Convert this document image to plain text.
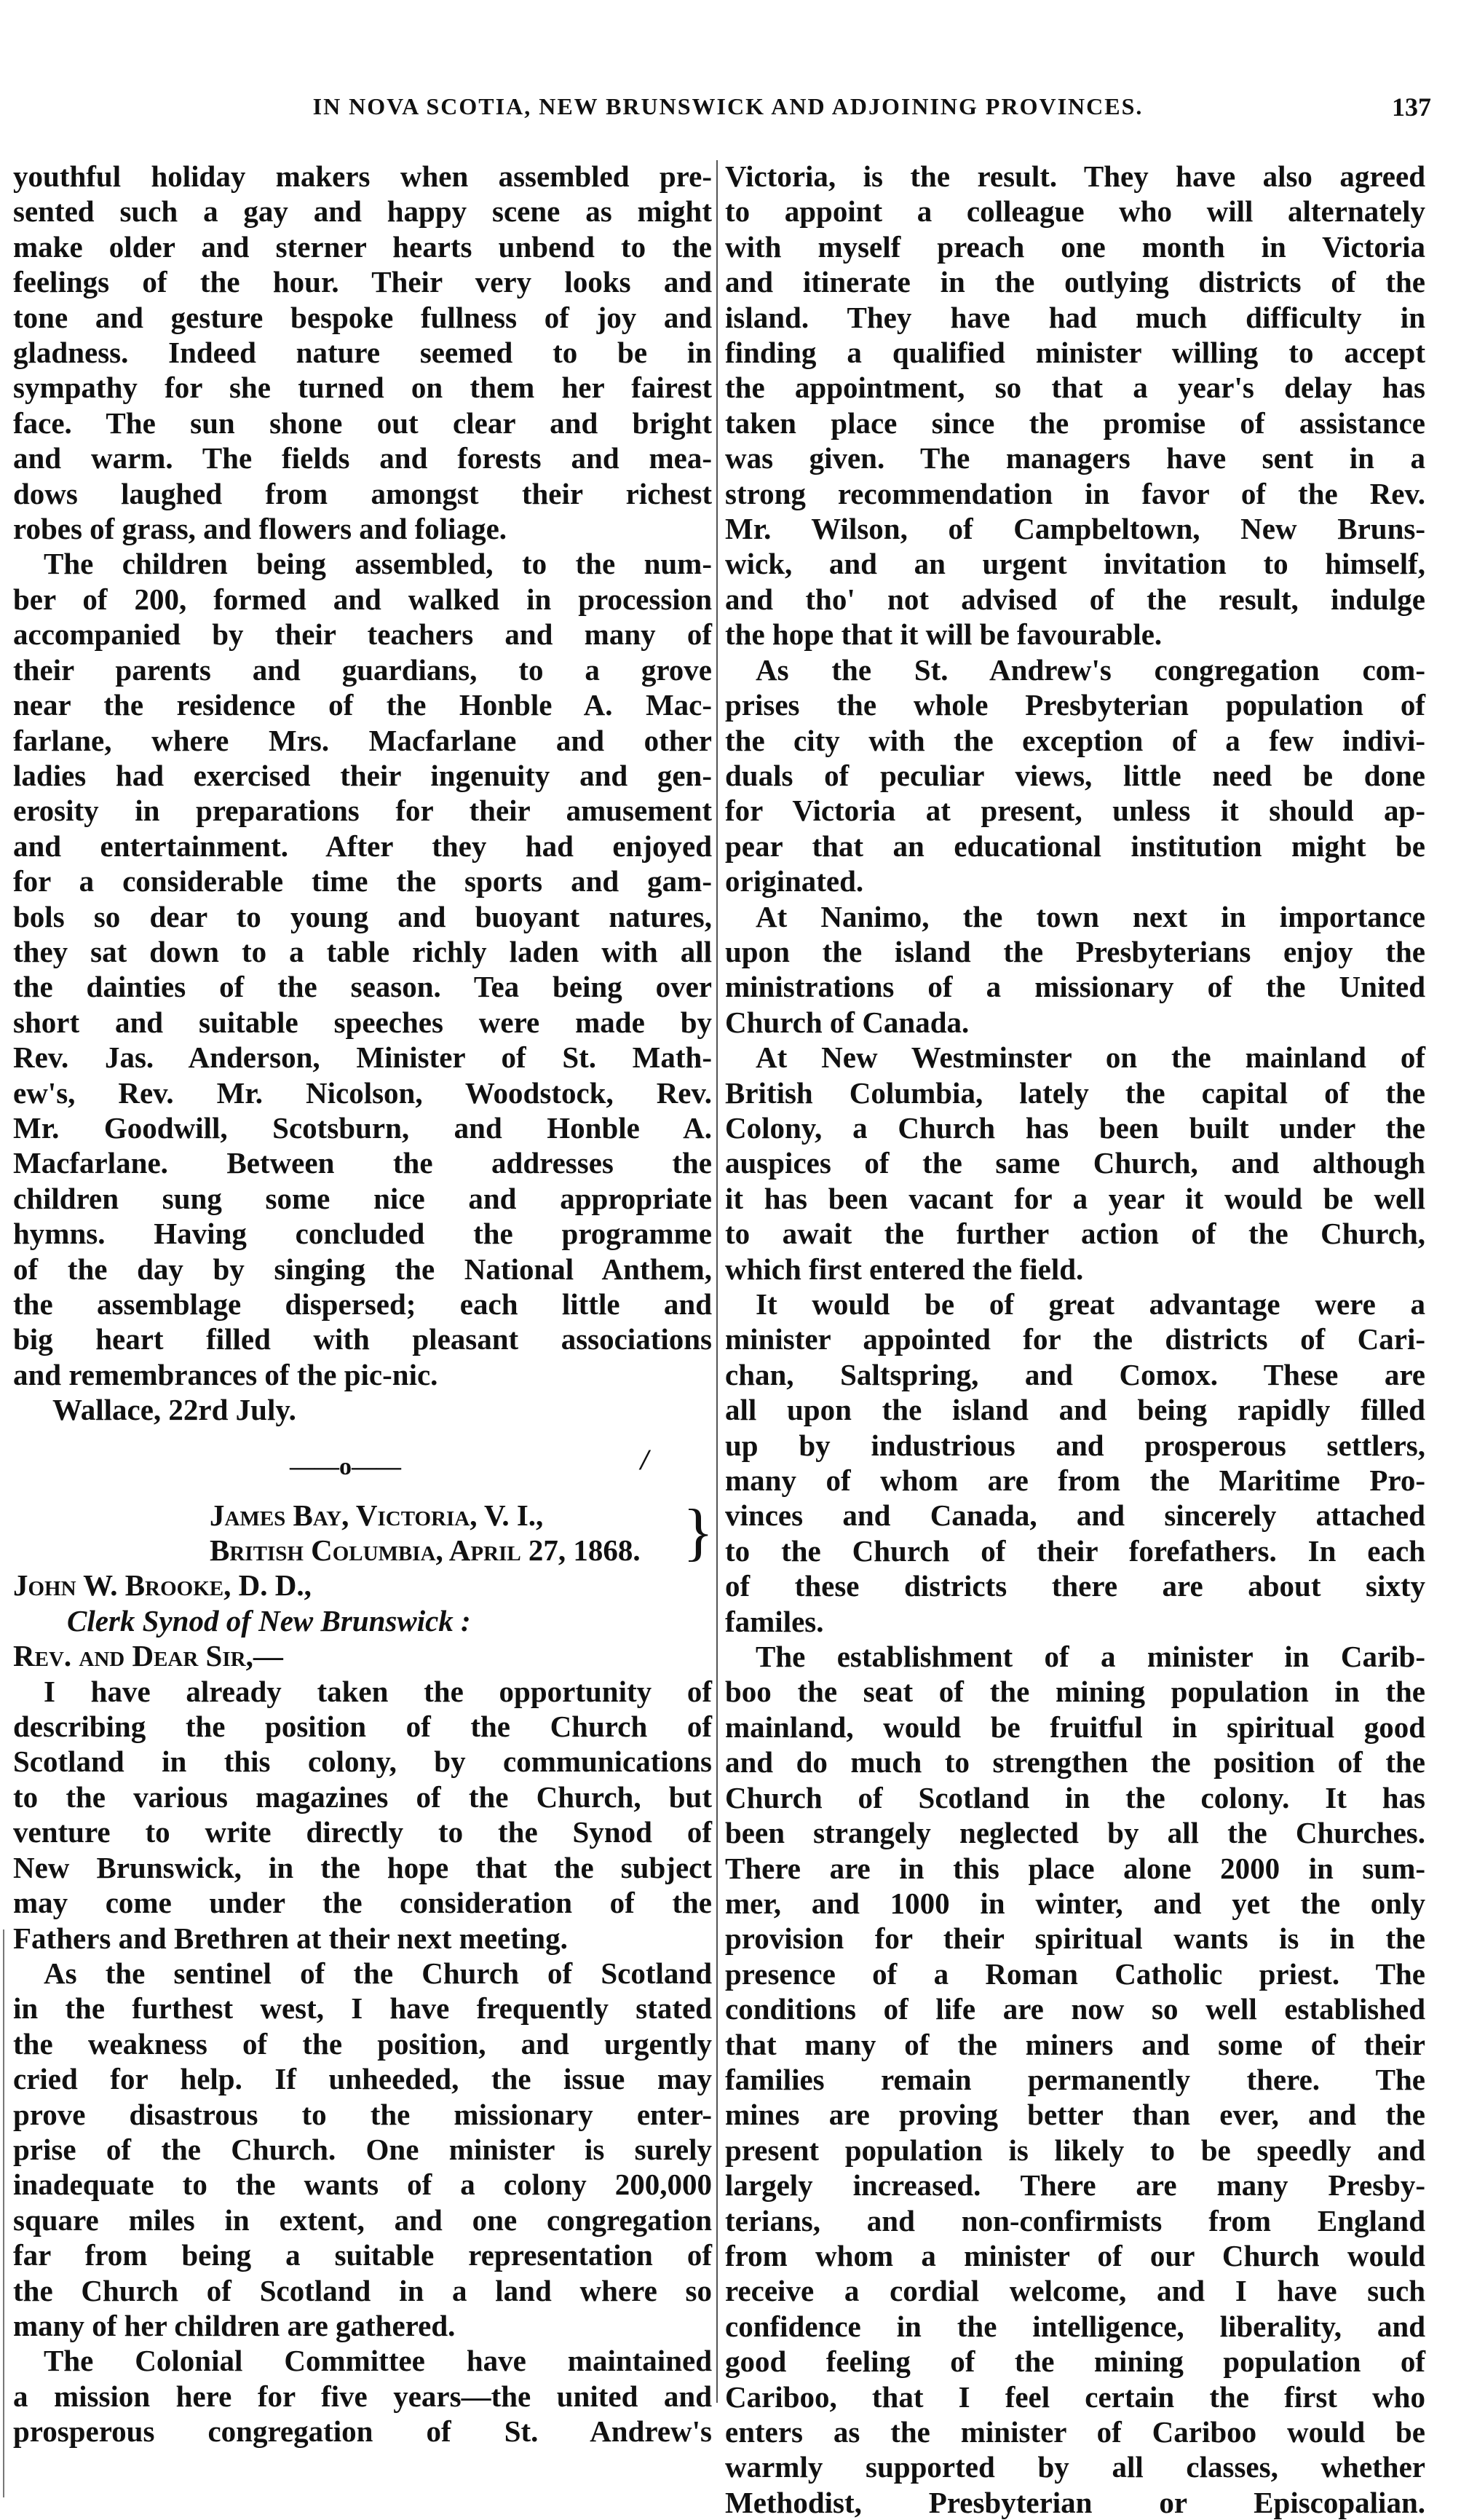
IN NOVA SCOTIA, NEW BRUNSWICK AND ADJOINING PROVINCES.	137
youthful holiday makers when assembled pre-
sented such a gay and happy scene as might
make older and sterner hearts unbend to the
feelings of the hour. Their very looks and
tone and gesture bespoke fullness of joy and
gladness. Indeed nature seemed to be in
sympathy for she turned on them her fairest
face. The sun shone out clear and bright
and warm. The fields and forests and mea-
dows laughed from amongst their richest
robes of grass, and flowers and foliage.
The children being assembled, to the num-
ber of 200, formed and walked in procession
accompanied by their teachers and many of
their parents and guardians, to a grove
near the residence of the Honble A. Mac-
farlane, where Mrs. Macfarlane and other
ladies had exercised their ingenuity and gen-
erosity in preparations for their amusement
and entertainment. After they had enjoyed
for a considerable time the sports and gam-
bols so dear to young and buoyant natures,
they sat down to a table richly laden with all
the dainties of the season. Tea being over
short and suitable speeches were made by
Rev. Jas. Anderson, Minister of St. Math-
ew's, Rev. Mr. Nicolson, Woodstock, Rev.
Mr. Goodwill, Scotsburn, and Honble A.
Macfarlane. Between the addresses the
children sung some nice and appropriate
hymns. Having concluded the programme
of the day by singing the National Anthem,
the assemblage dispersed; each little and
big heart filled with pleasant associations
and remembrances of the pic-nic.
Wallace, 22rd July.
——o——	/
James Bay, Victoria, V. I.,
British Columbia, April 27, 1868. }
John W. Brooke, D. D.,
Clerk Synod of New Brunswick :
Rev. and Dear Sir,—
I have already taken the opportunity of
describing the position of the Church of
Scotland in this colony, by communications
to the various magazines of the Church, but
venture to write directly to the Synod of
New Brunswick, in the hope that the subject
may come under the consideration of the
Fathers and Brethren at their next meeting.
As the sentinel of the Church of Scotland
in the furthest west, I have frequently stated
the weakness of the position, and urgently
cried for help. If unheeded, the issue may
prove disastrous to the missionary enter-
prise of the Church. One minister is surely
inadequate to the wants of a colony 200,000
square miles in extent, and one congregation
far from being a suitable representation of
the Church of Scotland in a land where so
many of her children are gathered.
The Colonial Committee have maintained
a mission here for five years—the united and
prosperous congregation of St. Andrew's
Victoria, is the result. They have also agreed
to appoint a colleague who will alternately
with myself preach one month in Victoria
and itinerate in the outlying districts of the
island. They have had much difficulty in
finding a qualified minister willing to accept
the appointment, so that a year's delay has
taken place since the promise of assistance
was given. The managers have sent in a
strong recommendation in favor of the Rev.
Mr. Wilson, of Campbeltown, New Bruns-
wick, and an urgent invitation to himself,
and tho' not advised of the result, indulge
the hope that it will be favourable.
As the St. Andrew's congregation com-
prises the whole Presbyterian population of
the city with the exception of a few indivi-
duals of peculiar views, little need be done
for Victoria at present, unless it should ap-
pear that an educational institution might be
originated.
At Nanimo, the town next in importance
upon the island the Presbyterians enjoy the
ministrations of a missionary of the United
Church of Canada.
At New Westminster on the mainland of
British Columbia, lately the capital of the
Colony, a Church has been built under the
auspices of the same Church, and although
it has been vacant for a year it would be well
to await the further action of the Church,
which first entered the field.
It would be of great advantage were a
minister appointed for the districts of Cari-
chan, Saltspring, and Comox. These are
all upon the island and being rapidly filled
up by industrious and prosperous settlers,
many of whom are from the Maritime Pro-
vinces and Canada, and sincerely attached
to the Church of their forefathers. In each
of these districts there are about sixty
familes.
The establishment of a minister in Carib-
boo the seat of the mining population in the
mainland, would be fruitful in spiritual good
and do much to strengthen the position of the
Church of Scotland in the colony. It has
been strangely neglected by all the Churches.
There are in this place alone 2000 in sum-
mer, and 1000 in winter, and yet the only
provision for their spiritual wants is in the
presence of a Roman Catholic priest. The
conditions of life are now so well established
that many of the miners and some of their
families remain permanently there. The
mines are proving better than ever, and the
present population is likely to be speedly and
largely increased. There are many Presby-
terians, and non-confirmists from England
from whom a minister of our Church would
receive a cordial welcome, and I have such
confidence in the intelligence, liberality, and
good feeling of the mining population of
Cariboo, that I feel certain the first who
enters as the minister of Cariboo would be
warmly supported by all classes, whether
Methodist, Presbyterian or Episcopalian.
